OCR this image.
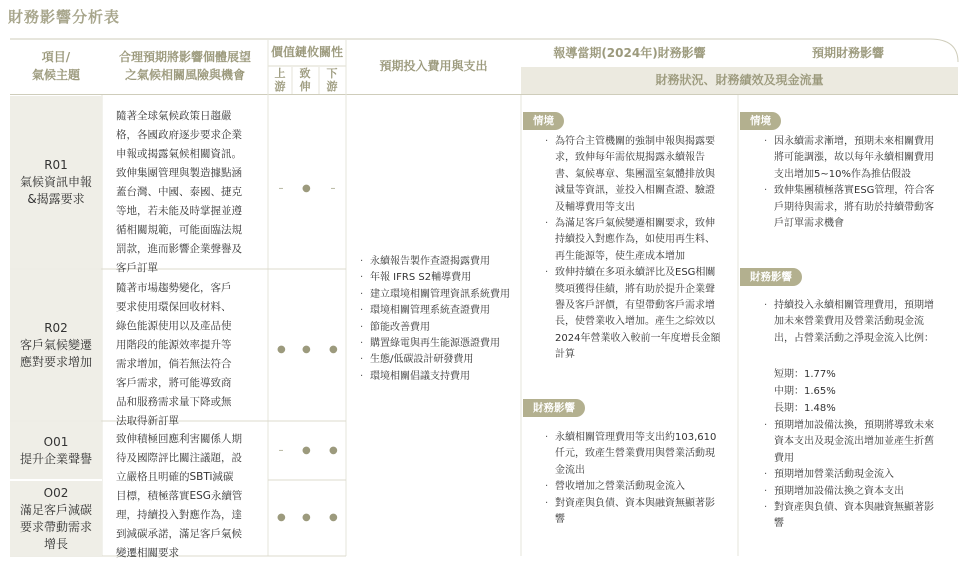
財務影響分析表
項目/
氣候主題
合理預期將影響個體展望
之氣候相關風險與機會
價值鏈攸關性
上游
致伸
下游
預期投入費用與支出
報導當期(2024年)財務影響	預期財務影響
財務狀況、財務績效及現金流量
R01
氣候資訊申報
&揭露要求
R02
客戶氣候變遷
應對要求增加
O01
提升企業聲譽
O02
滿足客戶減碳
要求帶動需求
增長
隨著全球氣候政策日趨嚴
格，各國政府逐步要求企業
申報或揭露氣候相關資訊。
致伸集團管理與製造據點涵
蓋台灣、中國、泰國、捷克
等地，若未能及時掌握並遵
循相關規範，可能面臨法規
罰款，進而影響企業聲譽及
客戶訂單
隨著市場趨勢變化，客戶
要求使用環保回收材料、
綠色能源使用以及產品使
用階段的能源效率提升等
需求增加，倘若無法符合
客戶需求，將可能導致商
品和服務需求量下降或無
法取得新訂單
致伸積極回應利害關係人期
待及國際評比關注議題，設
立嚴格且明確的SBTi減碳
目標，積極落實ESG永續管
理，持續投入對應作為，達
到減碳承諾，滿足客戶氣候
變遷相關要求
– ● –
● ● ●
– ● ●
● ● ●
· 永續報告製作查證揭露費用
· 年報 IFRS S2輔導費用
· 建立環境相關管理資訊系統費用
· 環境相關管理系統查證費用
· 節能改善費用
· 購置綠電與再生能源憑證費用
· 生態/低碳設計研發費用
· 環境相關倡議支持費用
情境
· 為符合主管機關的強制申報與揭露要求，致伸每年需依規揭露永續報告書、氣候專章、集團溫室氣體排放與減量等資訊，並投入相關查證、驗證及輔導費用等支出
· 為滿足客戶氣候變遷相關要求，致伸持續投入對應作為，如使用再生料、再生能源等，使生產成本增加
· 致伸持續在多項永續評比及ESG相關獎項獲得佳績，將有助於提升企業聲譽及客戶評價，有望帶動客戶需求增長，使營業收入增加。產生之綜效以2024年營業收入較前一年度增長金額計算
財務影響
· 永續相關管理費用等支出約103,610仟元，致產生營業費用與營業活動現金流出
· 營收增加之營業活動現金流入
· 對資產與負債、資本與融資無顯著影響
情境
· 因永續需求漸增，預期未來相關費用將可能調漲，故以每年永續相關費用支出增加5~10%作為推估假設
· 致伸集團積極落實ESG管理，符合客戶期待與需求，將有助於持續帶動客戶訂單需求機會
財務影響
· 持續投入永續相關管理費用，預期增加未來營業費用及營業活動現金流出，占營業活動之淨現金流入比例：
短期：1.77%
中期：1.65%
長期：1.48%
· 預期增加設備汰換，預期將導致未來資本支出及現金流出增加並產生折舊費用
· 預期增加營業活動現金流入
· 預期增加設備汰換之資本支出
· 對資產與負債、資本與融資無顯著影響
